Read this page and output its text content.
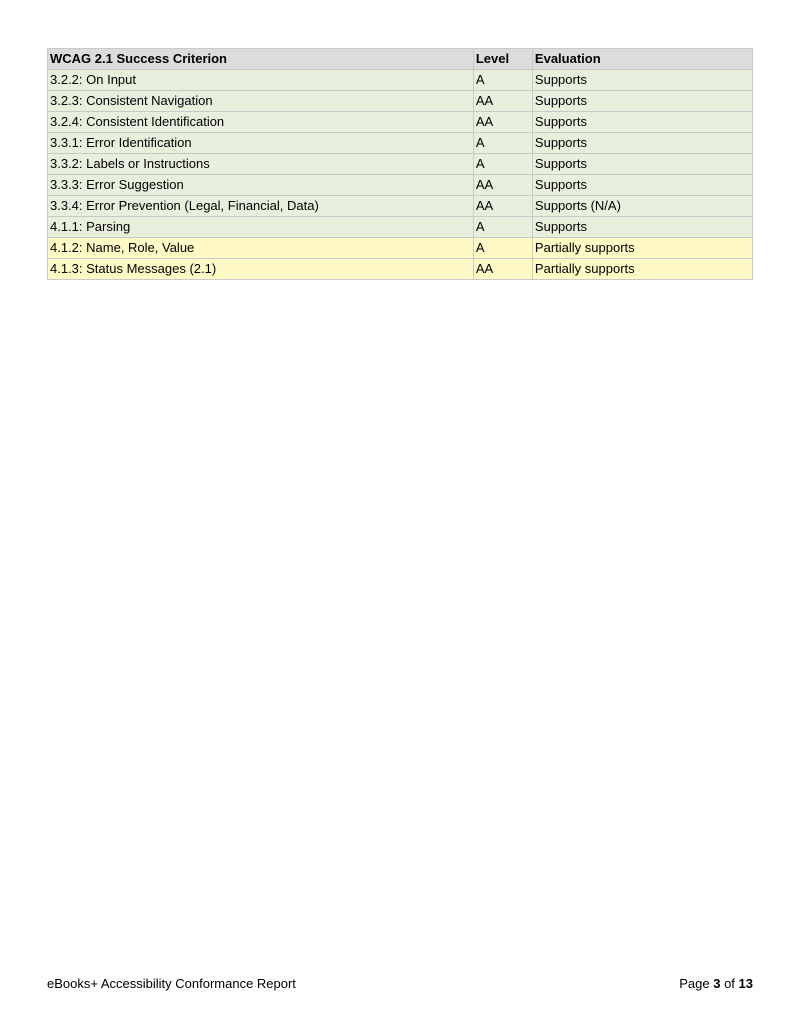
WCAG 2.1 Success Criterion	Level	Evaluation
3.2.2: On Input	A	Supports
3.2.3: Consistent Navigation	AA	Supports
3.2.4: Consistent Identification	AA	Supports
3.3.1: Error Identification	A	Supports
3.3.2: Labels or Instructions	A	Supports
3.3.3: Error Suggestion	AA	Supports
3.3.4: Error Prevention (Legal, Financial, Data)	AA	Supports (N/A)
4.1.1: Parsing	A	Supports
4.1.2: Name, Role, Value	A	Partially supports
4.1.3: Status Messages (2.1)	AA	Partially supports
eBooks+ Accessibility Conformance Report	Page 3 of 13
